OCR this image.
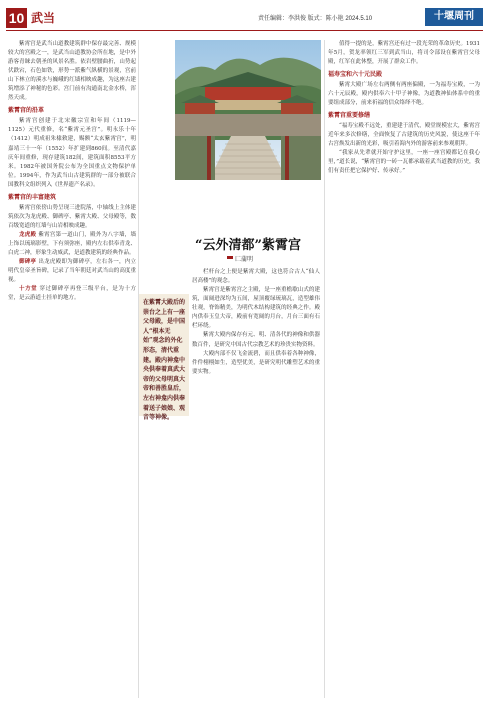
10 武当	责任编辑：李洪俊 版式：陈小艳 2024.5.10	十堰周刊
“云外清都”紫霄宫
匚蒲明
在紫霄大殿后的崇台之上有一座父母殿，是中国人“根本无始”观念的外化形态，清代重建。殿内神龛中央供奉着真武大帝的父母明真大帝和善胜皇后，左右神龛内供奉着送子娘娘、观音等神像。

紫霄宫是武当山道教建筑群中保存最完善、规模较大的宫殿之一，是武当山道教协会所在地，是中外游客青睐去朝圣的风景名胜。依岩壁腰曲折，山势起伏跌宕，石色如铁，形势一派紫气纵横的景观，宫前山下林立的溪水与巍峨的红墙相映成趣，为这座古建筑增添了神秘的色彩。宫门前有沟通南北金水桥，浑然天成。

紫霄宫的沿革

紫霄宫创建于北宋徽宗宣和年间（1119—1125）元代重修，名“紫霄元圣宫”。明永乐十年（1412）明成祖朱棣敕建，赐额“太玄紫霄宫”，明嘉靖三十一年（1552）年扩建到860间。至清代嘉庆年间重修，现存建筑182间，建筑面积8553平方米。1982年被国务院公布为全国重点文物保护单位。1994年，作为武当山古建筑群的一部分被联合国教科文组织列入《世界遗产名录》。

紫霄宫的丰富建筑

紫霄宫依傍山势呈现三进院落，中轴线上主体建筑依次为龙虎殿、御碑亭、紫霄大殿、父母殿等，数百级宽道的红墙与山岩相映成趣。

龙虎殿 紫霄宫第一道山门，殿外为八字墙，墙上饰以琉璃影壁，下有须弥座，殿内左右供奉青龙、白虎二神，形象生动威武，是道教建筑的经典作品。

御碑亭 出龙虎殿即为御碑亭，左右各一，内立明代皇帝圣旨碑，记录了当年朝廷对武当山的高度重视。

十方堂 穿过御碑亭再登三级平台，是为十方堂，是云游道士挂单的地方。

栏杆台之上便是紫霄大殿，这也符合古人“仙人居高楼”的观念。

紫霄宫是紫霄宫之主殿，是一座重檐歇山式的建筑，面阔进深均为五间，屋顶覆绿琉璃瓦，造型雄伟壮观，脊饰精美，为明代木结构建筑的经典之作。殿内供奉玉皇大帝，殿前有宽阔的月台，月台三面有石栏环绕。

紫霄大殿内保存有元、明、清各代的神像和供器数百件，是研究中国古代宗教艺术的珍贵实物资料。

大殿内部不仅飞金流碧，而且供奉着各种神像，件件栩栩如生，造型优美，是研究明代雕塑艺术的重要实物。

值得一提的是，紫霄宫还有过一段光荣的革命历史。1931年5月，贺龙率领红三军到武当山，将司令部设在紫霄宫父母殿，红军在此休整，开展了群众工作。

福寿宝和六十元民殿

紫霄大殿广场左右两侧有两座偏殿，一为福寿宝殿，一为六十元辰殿，殿内供奉六十甲子神像，为道教神仙体系中的重要组成部分，前来祈福的信众络绎不绝。

紫霄宫重要修缮

“福寿宝殿不远处，重建建于清代，殿堂规模宏大，紫霄宫近年来多次修缮，全面恢复了古建筑的历史风貌，使这座千年古宫焕发出新的光彩，吸引着海内外的游客前来参观朝拜。

“我家从先辈就开始守护这里，一座一座宫殿都记在我心里，”道长说，“紫霄宫的一砖一瓦都承载着武当道教的历史，我们有责任把它保护好、传承好。”
